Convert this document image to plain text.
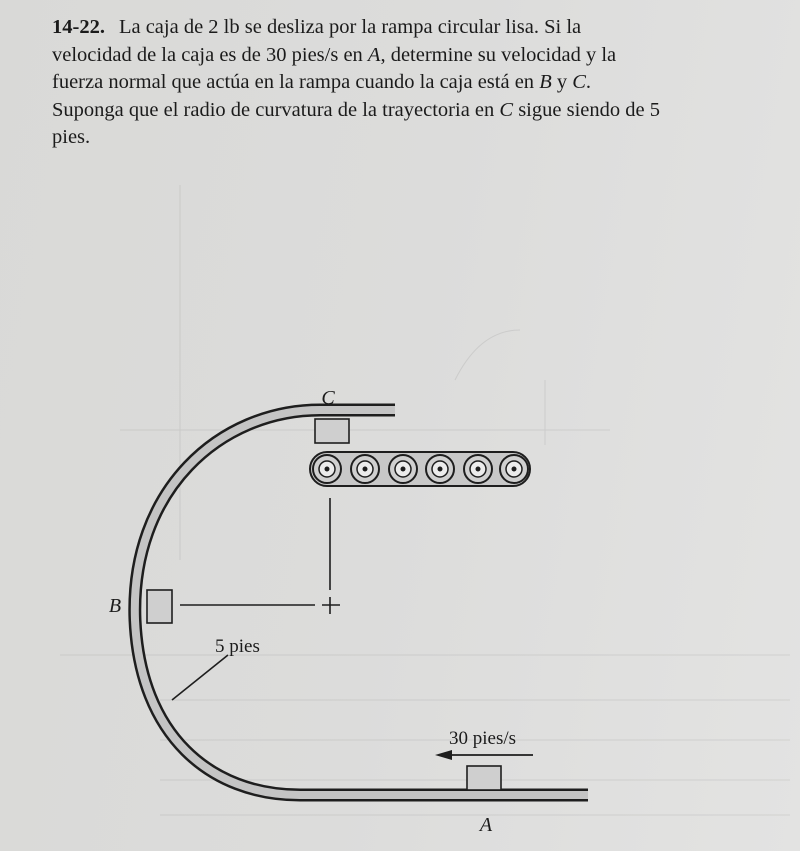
14-22. La caja de 2 lb se desliza por la rampa circular lisa. Si la velocidad de la caja es de 30 pies/s en A, determine su velocidad y la fuerza normal que actúa en la rampa cuando la caja está en B y C. Suponga que el radio de curvatura de la trayectoria en C sigue siendo de 5 pies.

C
B
A
5 pies
30 pies/s
